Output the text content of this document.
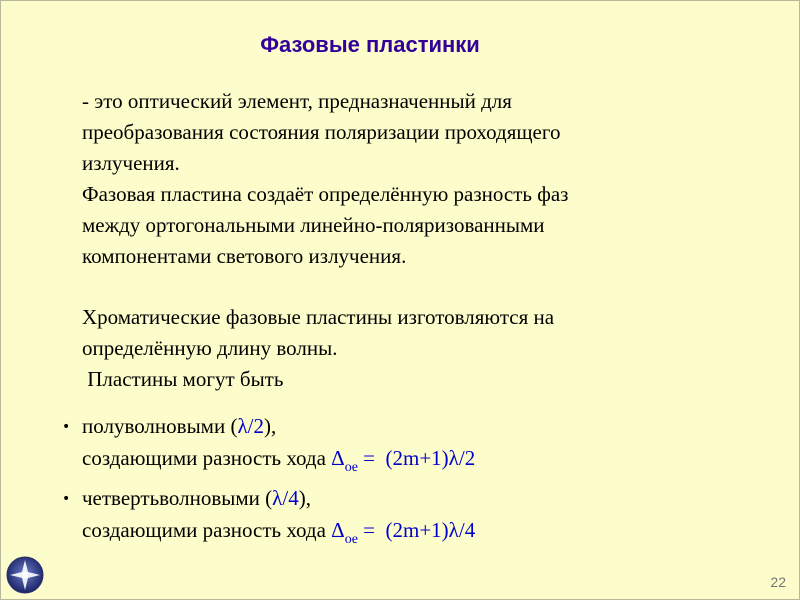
Фазовые пластинки
- это оптический элемент, предназначенный для
преобразования состояния поляризации проходящего
излучения.
Фазовая пластина создаёт определённую разность фаз
между ортогональными линейно-поляризованными
компонентами светового излучения.
Хроматические фазовые пластины изготовляются на
определённую длину волны.
Пластины могут быть
• полуволновыми (λ/2),
создающими разность хода $\Delta_{oe} = (2m+1)\lambda/2$
• четвертьволновыми (λ/4),
создающими разность хода $\Delta_{oe} = (2m+1)\lambda/4$
22
